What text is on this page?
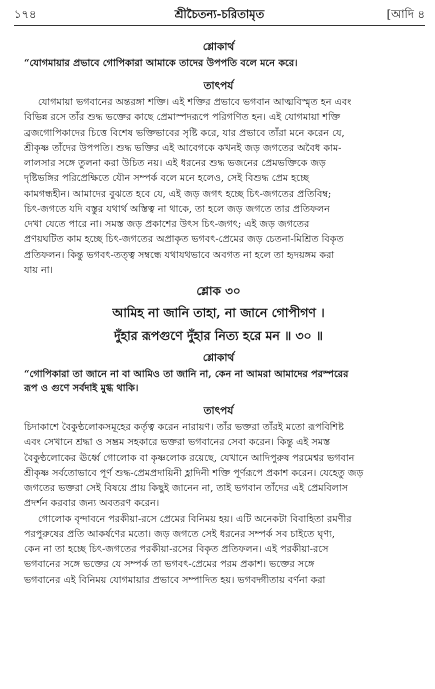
১৭৪	শ্রীচৈতন্য-চরিতামৃত	[আদি ৪
শ্লোকার্থ
“যোগমায়ার প্রভাবে গোপিকারা আমাকে তাদের উপপতি বলে মনে করে।
তাৎপর্য
যোগমায়া ভগবানের অন্তরঙ্গা শক্তি। এই শক্তির প্রভাবে ভগবান আত্মবিস্মৃত হন এবং
বিভিন্ন রসে তাঁর শুদ্ধ ভক্তের কাছে প্রেমাস্পদরূপে পরিগণিত হন। এই যোগমায়া শক্তি
ব্রজগোপিকাদের চিত্তে বিশেষ ভক্তিভাবের সৃষ্টি করে, যার প্রভাবে তাঁরা মনে করেন যে,
শ্রীকৃষ্ণ তাঁদের উপপতি। শুদ্ধ ভক্তির এই আবেগকে কখনই জড় জগতের অবৈধ কাম-
লালসার সঙ্গে তুলনা করা উচিত নয়। এই ধরনের শুদ্ধ ভজনের প্রেমভক্তিকে জড়
দৃষ্টিভঙ্গির পরিপ্রেক্ষিতে যৌন সম্পর্ক বলে মনে হলেও, সেই বিশুদ্ধ প্রেম হচ্ছে
কামগন্ধহীন। আমাদের বুঝতে হবে যে, এই জড় জগৎ হচ্ছে চিৎ-জগতের প্রতিবিম্ব;
চিৎ-জগতে যদি বস্তুর যথার্থ অস্তিত্ব না থাকে, তা হলে জড় জগতে তার প্রতিফলন
দেখা যেতে পারে না। সমস্ত জড় প্রকাশের উৎস চিৎ-জগৎ; এই জড় জগতের
প্রণয়ঘটিত কাম হচ্ছে চিৎ-জগতের অপ্রাকৃত ভগবৎ-প্রেমের জড় চেতনা-মিশ্রিত বিকৃত
প্রতিফলন। কিন্তু ভগবৎ-তত্ত্ব সম্বন্ধে যথাযথভাবে অবগত না হলে তা হৃদয়ঙ্গম করা
যায় না।
শ্লোক ৩০
আমিহ না জানি তাহা, না জানে গোপীগণ ।
দুঁহার রূপগুণে দুঁহার নিত্য হরে মন ॥ ৩০ ॥
শ্লোকার্থ
“গোপিকারা তা জানে না বা আমিও তা জানি না, কেন না আমরা আমাদের পরস্পরের
রূপ ও গুণে সর্বদাই মুগ্ধ থাকি।
তাৎপর্য
চিদাকাশে বৈকুণ্ঠলোকসমূহের কর্তৃত্ব করেন নারায়ণ। তাঁর ভক্তরা তাঁরই মতো রূপবিশিষ্ট
এবং সেখানে শ্রদ্ধা ও সম্ভ্রম সহকারে ভক্তরা ভগবানের সেবা করেন। কিন্তু এই সমস্ত
বৈকুণ্ঠলোকের ঊর্ধ্বে গোলোক বা কৃষ্ণলোক রয়েছে, যেখানে আদিপুরুষ পরমেশ্বর ভগবান
শ্রীকৃষ্ণ সর্বতোভাবে পূর্ণ শুদ্ধ-প্রেমপ্রদায়িনী হ্লাদিনী শক্তি পূর্ণরূপে প্রকাশ করেন। যেহেতু জড়
জগতের ভক্তরা সেই বিষয়ে প্রায় কিছুই জানেন না, তাই ভগবান তাঁদের এই প্রেমবিলাস
প্রদর্শন করবার জন্য অবতরণ করেন।
গোলোক বৃন্দাবনে পরকীয়া-রসে প্রেমের বিনিময় হয়। এটি অনেকটা বিবাহিতা রমণীর
পরপুরুষের প্রতি আকর্ষণের মতো। জড় জগতে সেই ধরনের সম্পর্ক সব চাইতে ঘৃণ্য,
কেন না তা হচ্ছে চিৎ-জগতের পরকীয়া-রসের বিকৃত প্রতিফলন। এই পরকীয়া-রসে
ভগবানের সঙ্গে ভক্তের যে সম্পর্ক তা ভগবৎ-প্রেমের পরম প্রকাশ। ভক্তের সঙ্গে
ভগবানের এই বিনিময় যোগমায়ার প্রভাবে সম্পাদিত হয়। ভগবদ্গীতায় বর্ণনা করা
